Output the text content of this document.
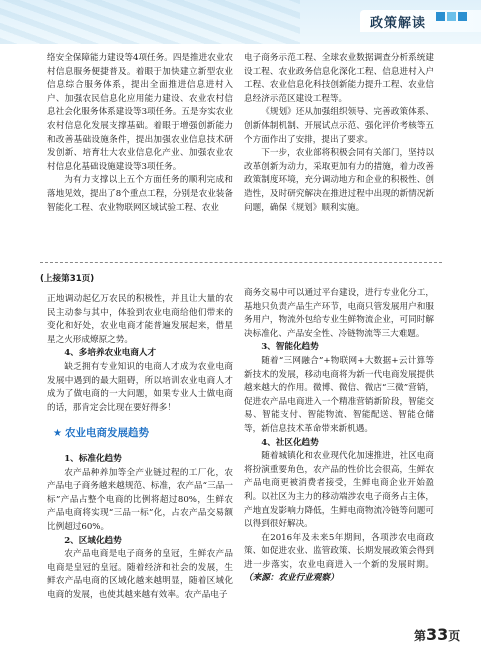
政策解读

络安全保障能力建设等4项任务。四是推进农业农村信息服务便捷普及。着眼于加快建立新型农业信息综合服务体系，提出全面推进信息进村入户、加强农民信息化应用能力建设、农业农村信息社会化服务体系建设等3项任务。五是夯实农业农村信息化发展支撑基础。着眼于增强创新能力和改善基础设施条件，提出加强农业信息技术研发创新、培育壮大农业信息化产业、加强农业农村信息化基础设施建设等3项任务。

为有力支撑以上五个方面任务的顺利完成和落地见效，提出了8个重点工程，分别是农业装备智能化工程、农业物联网区域试验工程、农业

电子商务示范工程、全球农业数据调查分析系统建设工程、农业政务信息化深化工程、信息进村入户工程、农业信息化科技创新能力提升工程、农业信息经济示范区建设工程等。

《规划》还从加强组织领导、完善政策体系、创新体制机制、开展试点示范、强化评价考核等五个方面作出了安排，提出了要求。

下一步，农业部将积极会同有关部门，坚持以改革创新为动力，采取更加有力的措施，着力改善政策制度环境，充分调动地方和企业的积极性、创造性，及时研究解决在推进过程中出现的新情况新问题，确保《规划》顺利实施。

(上接第31页)

正地调动起亿万农民的积极性，并且让大量的农民主动参与其中，体验到农业电商给他们带来的变化和好处，农业电商才能普遍发展起来，借星星之火形成燎原之势。

4、多培养农业电商人才

缺乏拥有专业知识的电商人才成为农业电商发展中遇到的最大阻碍，所以培训农业电商人才成为了做电商的一大问题，如果专业人士做电商的话，那肯定会比现在要好得多！

★ 农业电商发展趋势

1、标准化趋势

农产品种养加等全产业链过程的工厂化，农产品电子商务越来越规范、标准，农产品“三品一标”产品占整个电商的比例将超过80%，生鲜农产品电商将实现“三品一标”化，占农产品交易额比例超过60%。

2、区域化趋势

农产品电商是电子商务的皇冠，生鲜农产品电商是皇冠的皇冠。随着经济和社会的发展，生鲜农产品电商的区域化越来越明显，随着区域化电商的发展，也使其越来越有效率。农产品电子

商务交易中可以通过平台建设，进行专业化分工，基地只负责产品生产环节，电商只管发展用户和服务用户，物流外包给专业生鲜物流企业，可同时解决标准化、产品安全性、冷链物流等三大难题。

3、智能化趋势

随着“三网融合”+物联网+大数据+云计算等新技术的发展，移动电商将为新一代电商发展提供越来越大的作用。微博、微信、微店“三微”营销，促进农产品电商进入一个精准营销新阶段，智能交易、智能支付、智能物流、智能配送、智能仓储等，新信息技术革命带来新机遇。

4、社区化趋势

随着城镇化和农业现代化加速推进，社区电商将扮演重要角色，农产品的性价比会很高，生鲜农产品电商更被消费者接受，生鲜电商企业开始盈利。以社区为主力的移动端涉农电子商务占主体，产地直发影响力降低，生鲜电商物流冷链等问题可以得到很好解决。

在2016年及未来5年期间，各项涉农电商政策、如促进农业、监管政策、长期发展政策会得到进一步落实，农业电商进入一个新的发展时期。（来源：农业行业观察）

第33页
